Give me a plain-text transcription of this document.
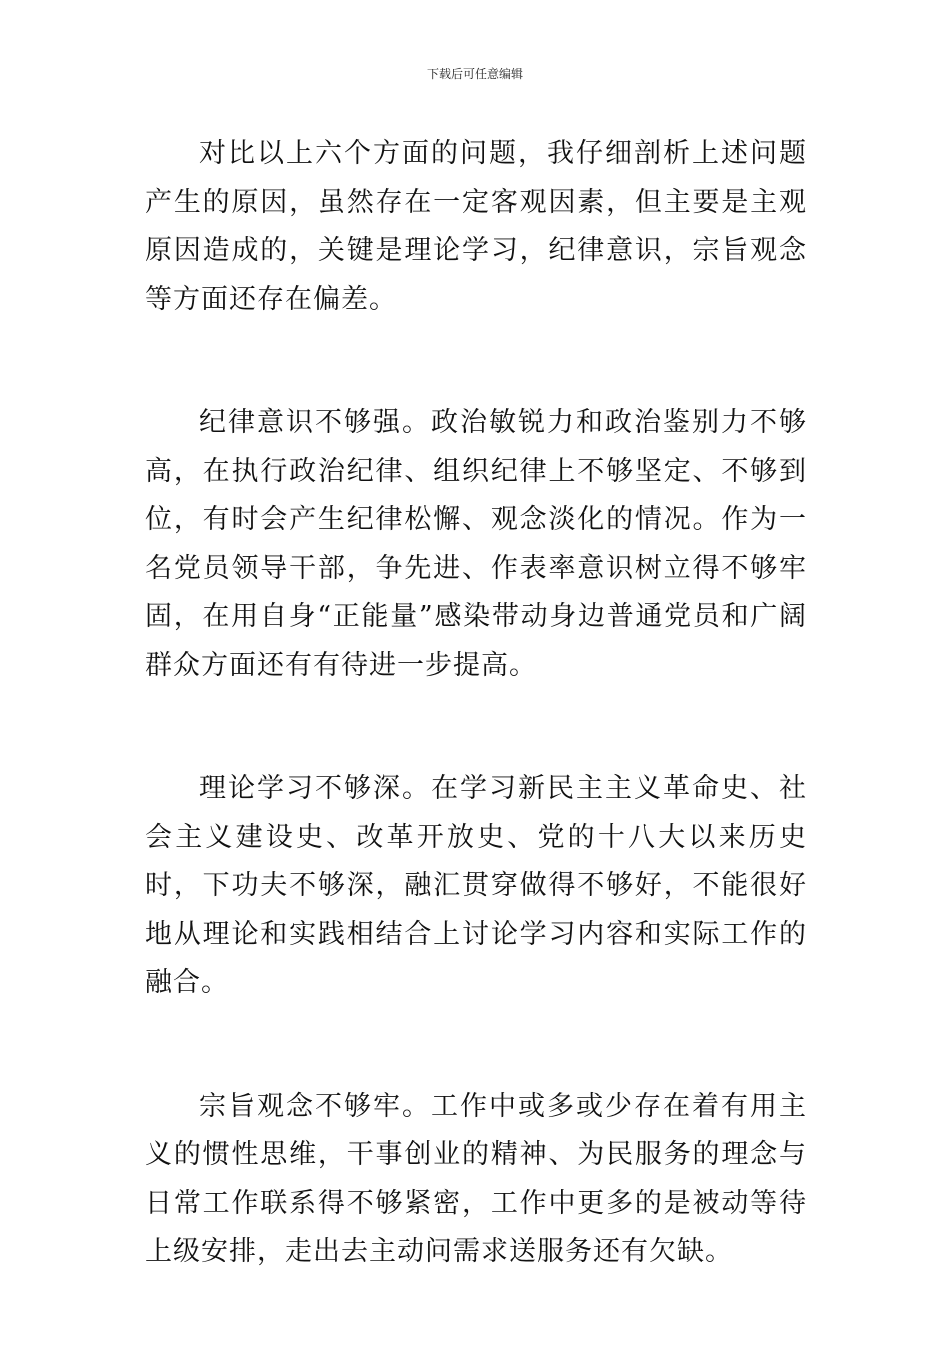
下载后可任意编辑

对比以上六个方面的问题，我仔细剖析上述问题产生的原因，虽然存在一定客观因素，但主要是主观原因造成的，关键是理论学习，纪律意识，宗旨观念等方面还存在偏差。

纪律意识不够强。政治敏锐力和政治鉴别力不够高，在执行政治纪律、组织纪律上不够坚定、不够到位，有时会产生纪律松懈、观念淡化的情况。作为一名党员领导干部，争先进、作表率意识树立得不够牢固，在用自身“正能量”感染带动身边普通党员和广阔群众方面还有有待进一步提高。

理论学习不够深。在学习新民主主义革命史、社会主义建设史、改革开放史、党的十八大以来历史时，下功夫不够深，融汇贯穿做得不够好，不能很好地从理论和实践相结合上讨论学习内容和实际工作的融合。

宗旨观念不够牢。工作中或多或少存在着有用主义的惯性思维，干事创业的精神、为民服务的理念与日常工作联系得不够紧密，工作中更多的是被动等待上级安排，走出去主动问需求送服务还有欠缺。
